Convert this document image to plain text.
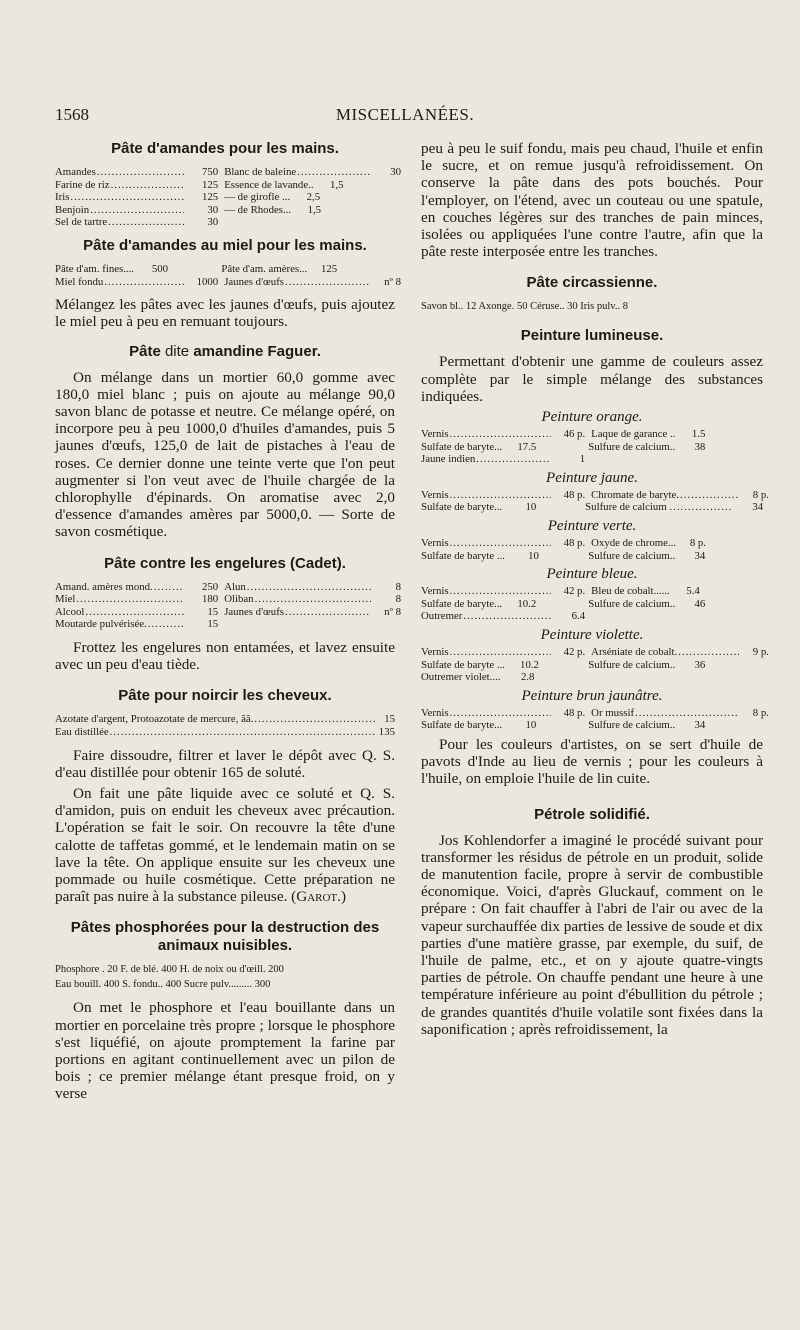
1568	MISCELLANÉES.
Pâte d'amandes pour les mains.
Amandes .....	750 Blanc de baleine .....	30
Farine de riz .....	125 Essence de lavande..	1,5
Iris .....	125 — de girofle ...	2,5
Benjoin .....	30 — de Rhodes...	1,5
Sel de tartre .....	30
Pâte d'amandes au miel pour les mains.
Pâte d'am. fines....	500	Pâte d'am. amères...	125
Miel fondu .....	1000 Jaunes d'œufs .....	nº 8

Mélangez les pâtes avec les jaunes d'œufs, puis ajoutez le miel peu à peu en remuant toujours.

Pâte dite amandine Faguer.

On mélange dans un mortier 60,0 gomme avec 180,0 miel blanc ; puis on ajoute au mélange 90,0 savon blanc de potasse et neutre. Ce mélange opéré, on incorpore peu à peu 1000,0 d'huiles d'amandes, puis 5 jaunes d'œufs, 125,0 de lait de pistaches à l'eau de roses. Ce dernier donne une teinte verte que l'on peut augmenter si l'on veut avec de l'huile chargée de la chlorophylle d'épinards. On aromatise avec 2,0 d'essence d'amandes amères par 5000,0. — Sorte de savon cosmétique.

Pâte contre les engelures (Cadet).
Amand. amères mond. .....	250 Alun .....	8
Miel .....	180 Oliban .....	8
Alcool .....	15 Jaunes d'œufs .....	nº 8
Moutarde pulvérisée. .....	15

Frottez les engelures non entamées, et lavez ensuite avec un peu d'eau tiède.

Pâte pour noircir les cheveux.
Azotate d'argent, Protoazotate de mercure, ãã. .....	15
Eau distillée .....	135

Faire dissoudre, filtrer et laver le dépôt avec Q. S. d'eau distillée pour obtenir 165 de soluté.

On fait une pâte liquide avec ce soluté et Q. S. d'amidon, puis on enduit les cheveux avec précaution. L'opération se fait le soir. On recouvre la tête d'une calotte de taffetas gommé, et le lendemain matin on se lave la tête. On applique ensuite sur les cheveux une pommade ou huile cosmétique. Cette préparation ne paraît pas nuire à la substance pileuse. (Garot.)

Pâtes phosphorées pour la destruction des animaux nuisibles.
Phosphore . 20 F. de blé. 400 H. de noix ou d'œill. 200
Eau bouill. 400 S. fondu.. 400 Sucre pulv......... 300

On met le phosphore et l'eau bouillante dans un mortier en porcelaine très propre ; lorsque le phosphore s'est liquéfié, on ajoute promptement la farine par portions en agitant continuellement avec un pilon de bois ; ce premier mélange étant presque froid, on y verse

peu à peu le suif fondu, mais peu chaud, l'huile et enfin le sucre, et on remue jusqu'à refroidissement. On conserve la pâte dans des pots bouchés. Pour l'employer, on l'étend, avec un couteau ou une spatule, en couches légères sur des tranches de pain minces, isolées ou appliquées l'une contre l'autre, afin que la pâte reste interposée entre les tranches.

Pâte circassienne.
Savon bl.. 12 Axonge. 50 Céruse.. 30 Iris pulv.. 8
Peinture lumineuse.

Permettant d'obtenir une gamme de couleurs assez complète par le simple mélange des substances indiquées.

Peinture orange.
Vernis .....	46 p. Laque de garance ..	1.5
Sulfate de baryte...	17.5	Sulfure de calcium..	38
Jaune indien .....	1
Peinture jaune.
Vernis .....	48 p. Chromate de baryte. .....	8 p.
Sulfate de baryte...	10	Sulfure de calcium . .....	34
Peinture verte.
Vernis .....	48 p. Oxyde de chrome...	8 p.
Sulfate de baryte ...	10	Sulfure de calcium..	34
Peinture bleue.
Vernis .....	42 p. Bleu de cobalt......	5.4
Sulfate de baryte...	10.2	Sulfure de calcium..	46
Outremer .....	6.4
Peinture violette.
Vernis .....	42 p. Arséniate de cobalt. .....	9 p.
Sulfate de baryte ...	10.2	Sulfure de calcium..	36
Outremer violet....	2.8
Peinture brun jaunâtre.
Vernis .....	48 p. Or mussif .....	8 p.
Sulfate de baryte...	10	Sulfure de calcium..	34

Pour les couleurs d'artistes, on se sert d'huile de pavots d'Inde au lieu de vernis ; pour les couleurs à l'huile, on emploie l'huile de lin cuite.

Pétrole solidifié.

Jos Kohlendorfer a imaginé le procédé suivant pour transformer les résidus de pétrole en un produit, solide de manutention facile, propre à servir de combustible économique. Voici, d'après Gluckauf, comment on le prépare : On fait chauffer à l'abri de l'air ou avec de la vapeur surchauffée dix parties de lessive de soude et dix parties d'une matière grasse, par exemple, du suif, de l'huile de palme, etc., et on y ajoute quatre-vingts parties de pétrole. On chauffe pendant une heure à une température inférieure au point d'ébullition du pétrole ; de grandes quantités d'huile volatile sont fixées dans la saponification ; après refroidissement, la
